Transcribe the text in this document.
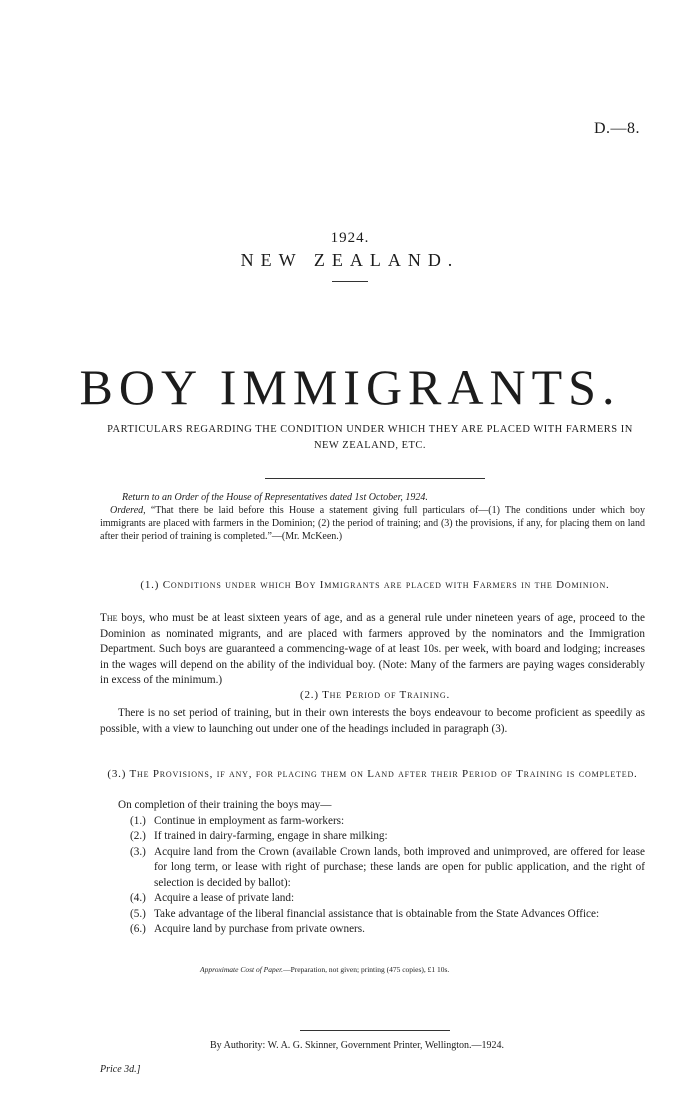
D.—8.
1924.
NEW ZEALAND.
BOY IMMIGRANTS.
PARTICULARS REGARDING THE CONDITION UNDER WHICH THEY ARE PLACED WITH FARMERS IN NEW ZEALAND, ETC.
Return to an Order of the House of Representatives dated 1st October, 1924.
Ordered, “That there be laid before this House a statement giving full particulars of—(1) The conditions under which boy immigrants are placed with farmers in the Dominion; (2) the period of training; and (3) the provisions, if any, for placing them on land after their period of training is completed.”—(Mr. McKeen.)
(1.) Conditions under which Boy Immigrants are placed with Farmers in the Dominion.
The boys, who must be at least sixteen years of age, and as a general rule under nineteen years of age, proceed to the Dominion as nominated migrants, and are placed with farmers approved by the nominators and the Immigration Department. Such boys are guaranteed a commencing-wage of at least 10s. per week, with board and lodging; increases in the wages will depend on the ability of the individual boy. (Note: Many of the farmers are paying wages considerably in excess of the minimum.)
(2.) The Period of Training.
There is no set period of training, but in their own interests the boys endeavour to become proficient as speedily as possible, with a view to launching out under one of the headings included in paragraph (3).
(3.) The Provisions, if any, for placing them on Land after their Period of Training is completed.
On completion of their training the boys may—
(1.) Continue in employment as farm-workers:
(2.) If trained in dairy-farming, engage in share milking:
(3.) Acquire land from the Crown (available Crown lands, both improved and unimproved, are offered for lease for long term, or lease with right of purchase; these lands are open for public application, and the right of selection is decided by ballot):
(4.) Acquire a lease of private land:
(5.) Take advantage of the liberal financial assistance that is obtainable from the State Advances Office:
(6.) Acquire land by purchase from private owners.
Approximate Cost of Paper.—Preparation, not given; printing (475 copies), £1 10s.
By Authority: W. A. G. Skinner, Government Printer, Wellington.—1924.
Price 3d.]
